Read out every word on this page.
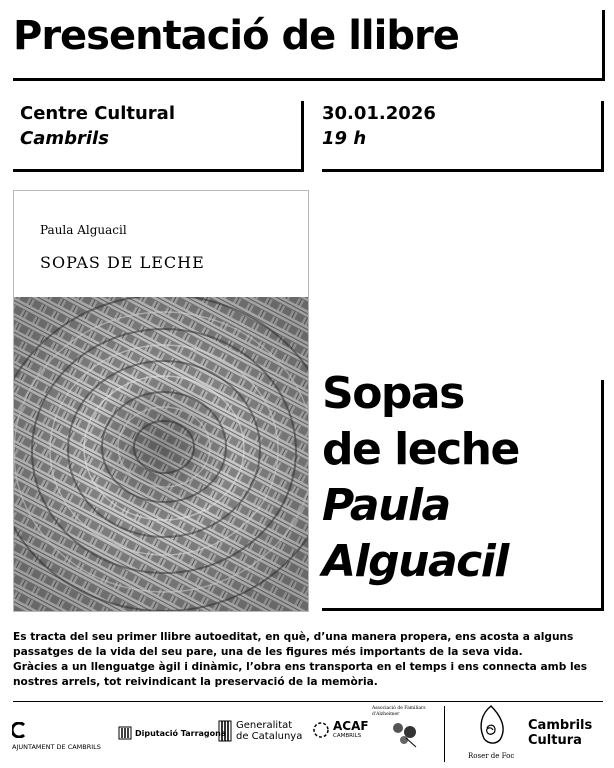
Presentació de llibre
Centre Cultural
Cambrils
30.01.2026
19 h
Paula Alguacil
SOPAS DE LECHE
Sopas
de leche
Paula
Alguacil

Es tracta del seu primer llibre autoeditat, en què, d’una manera propera, ens acosta a alguns passatges de la vida del seu pare, una de les figures més importants de la seva vida.

Gràcies a un llenguatge àgil i dinàmic, l’obra ens transporta en el temps i ens connecta amb les nostres arrels, tot reivindicant la preservació de la memòria.

AJUNTAMENT DE CAMBRILS
Diputació Tarragona
Generalitat
de Catalunya
ACAF
CAMBRILS
Associació de Familiars d'Alzheimer
Roser de Foc
Cambrils
Cultura
